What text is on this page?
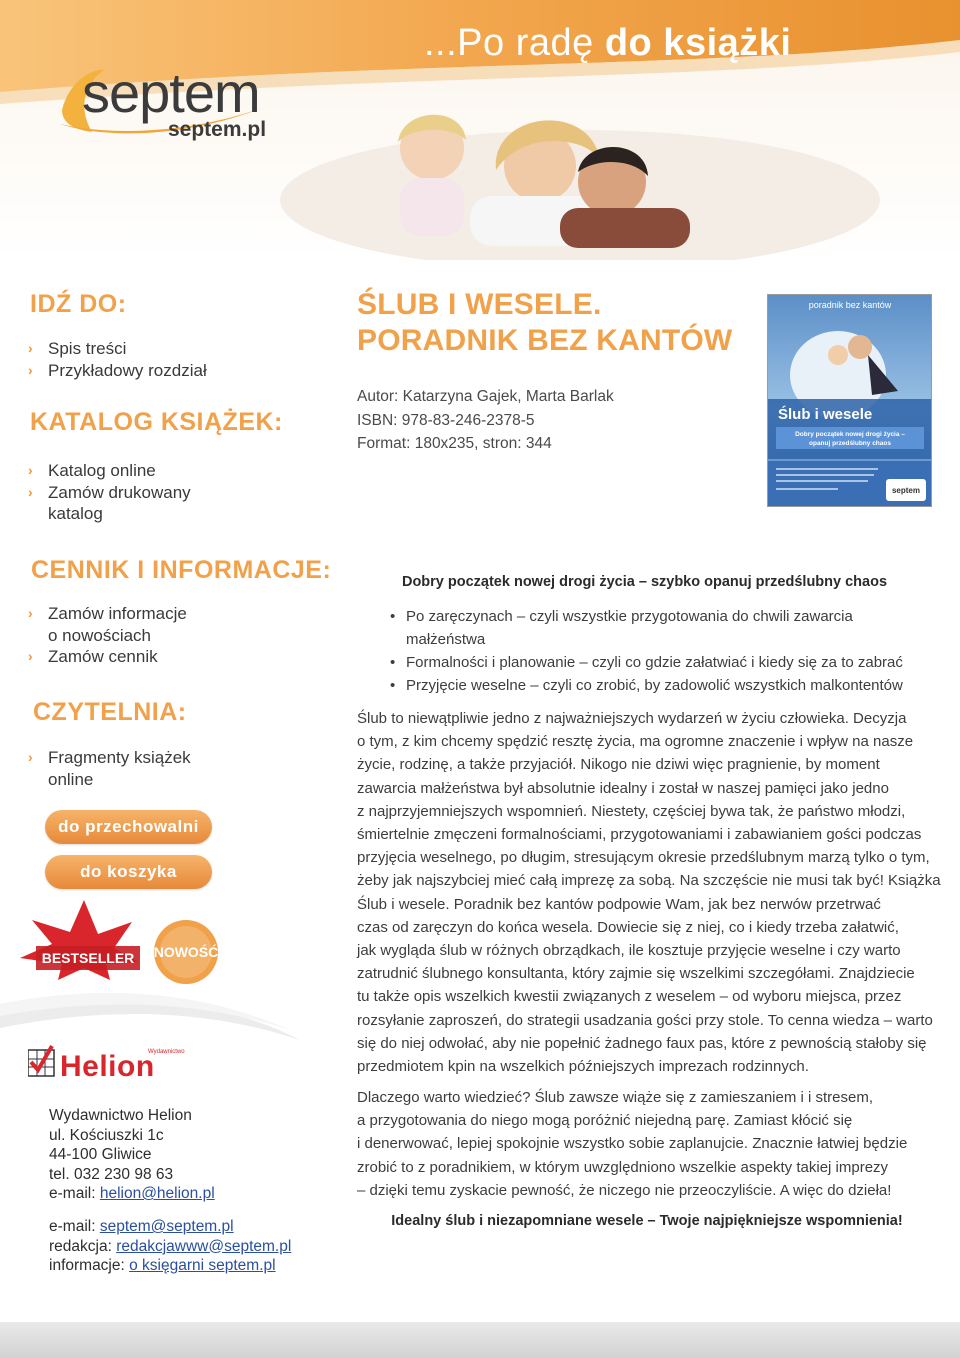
...Po radę do książki
septem
septem.pl
IDŹ DO:
› Spis treści
› Przykładowy rozdział
KATALOG KSIĄŻEK:
› Katalog online
› Zamów drukowany
katalog
CENNIK I INFORMACJE:
› Zamów informacje
o nowościach
› Zamów cennik
CZYTELNIA:
› Fragmenty książek
online
do przechowalni
do koszyka
BESTSELLER NOWOŚĆ
Wydawnictwo
Helion
Wydawnictwo Helion
ul. Kościuszki 1c
44-100 Gliwice
tel. 032 230 98 63
e-mail: helion@helion.pl
e-mail: septem@septem.pl
redakcja: redakcjawww@septem.pl
informacje: o księgarni septem.pl
ŚLUB I WESELE.
PORADNIK BEZ KANTÓW
Autor: Katarzyna Gajek, Marta Barlak
ISBN: 978-83-246-2378-5
Format: 180x235, stron: 344
poradnik bez kantów
Ślub i wesele
Dobry początek nowej drogi życia –
opanuj przedślubny chaos
septem
Dobry początek nowej drogi życia – szybko opanuj przedślubny chaos
• Po zaręczynach – czyli wszystkie przygotowania do chwili zawarcia
małżeństwa
• Formalności i planowanie – czyli co gdzie załatwiać i kiedy się za to zabrać
• Przyjęcie weselne – czyli co zrobić, by zadowolić wszystkich malkontentów
Ślub to niewątpliwie jedno z najważniejszych wydarzeń w życiu człowieka. Decyzja
o tym, z kim chcemy spędzić resztę życia, ma ogromne znaczenie i wpływ na nasze
życie, rodzinę, a także przyjaciół. Nikogo nie dziwi więc pragnienie, by moment
zawarcia małżeństwa był absolutnie idealny i został w naszej pamięci jako jedno
z najprzyjemniejszych wspomnień. Niestety, częściej bywa tak, że państwo młodzi,
śmiertelnie zmęczeni formalnościami, przygotowaniami i zabawianiem gości podczas
przyjęcia weselnego, po długim, stresującym okresie przedślubnym marzą tylko o tym,
żeby jak najszybciej mieć całą imprezę za sobą. Na szczęście nie musi tak być! Książka
Ślub i wesele. Poradnik bez kantów podpowie Wam, jak bez nerwów przetrwać
czas od zaręczyn do końca wesela. Dowiecie się z niej, co i kiedy trzeba załatwić,
jak wygląda ślub w różnych obrządkach, ile kosztuje przyjęcie weselne i czy warto
zatrudnić ślubnego konsultanta, który zajmie się wszelkimi szczegółami. Znajdziecie
tu także opis wszelkich kwestii związanych z weselem – od wyboru miejsca, przez
rozsyłanie zaproszeń, do strategii usadzania gości przy stole. To cenna wiedza – warto
się do niej odwołać, aby nie popełnić żadnego faux pas, które z pewnością stałoby się
przedmiotem kpin na wszelkich późniejszych imprezach rodzinnych.
Dlaczego warto wiedzieć? Ślub zawsze wiąże się z zamieszaniem i i stresem,
a przygotowania do niego mogą poróżnić niejedną parę. Zamiast kłócić się
i denerwować, lepiej spokojnie wszystko sobie zaplanujcie. Znacznie łatwiej będzie
zrobić to z poradnikiem, w którym uwzględniono wszelkie aspekty takiej imprezy
– dzięki temu zyskacie pewność, że niczego nie przeoczyliście. A więc do dzieła!
Idealny ślub i niezapomniane wesele – Twoje najpiękniejsze wspomnienia!
